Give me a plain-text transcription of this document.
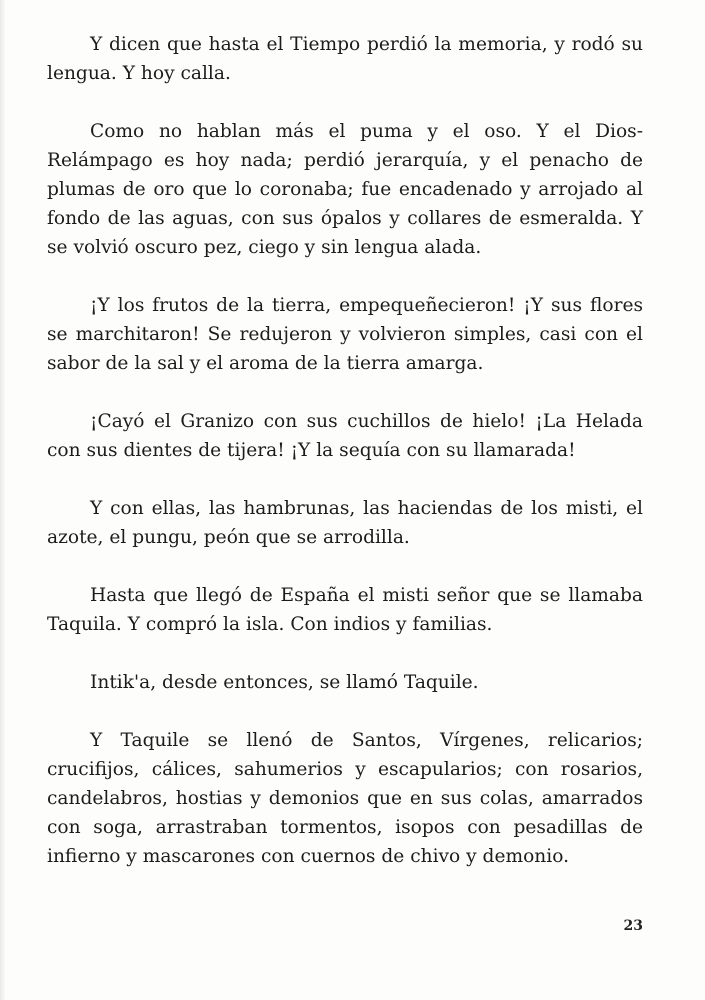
Y dicen que hasta el Tiempo perdió la memoria, y rodó su lengua. Y hoy calla.

Como no hablan más el puma y el oso. Y el Dios-Relámpago es hoy nada; perdió jerarquía, y el penacho de plumas de oro que lo coronaba; fue encadenado y arrojado al fondo de las aguas, con sus ópalos y collares de esmeralda. Y se volvió oscuro pez, ciego y sin lengua alada.

¡Y los frutos de la tierra, empequeñecieron! ¡Y sus flores se marchitaron! Se redujeron y volvieron simples, casi con el sabor de la sal y el aroma de la tierra amarga.

¡Cayó el Granizo con sus cuchillos de hielo! ¡La Helada con sus dientes de tijera! ¡Y la sequía con su llamarada!

Y con ellas, las hambrunas, las haciendas de los misti, el azote, el pungu, peón que se arrodilla.

Hasta que llegó de España el misti señor que se llamaba Taquila. Y compró la isla. Con indios y familias.

Intik'a, desde entonces, se llamó Taquile.

Y Taquile se llenó de Santos, Vírgenes, relicarios; crucifijos, cálices, sahumerios y escapularios; con rosarios, candelabros, hostias y demonios que en sus colas, amarrados con soga, arrastraban tormentos, isopos con pesadillas de infierno y mascarones con cuernos de chivo y demonio.

23
